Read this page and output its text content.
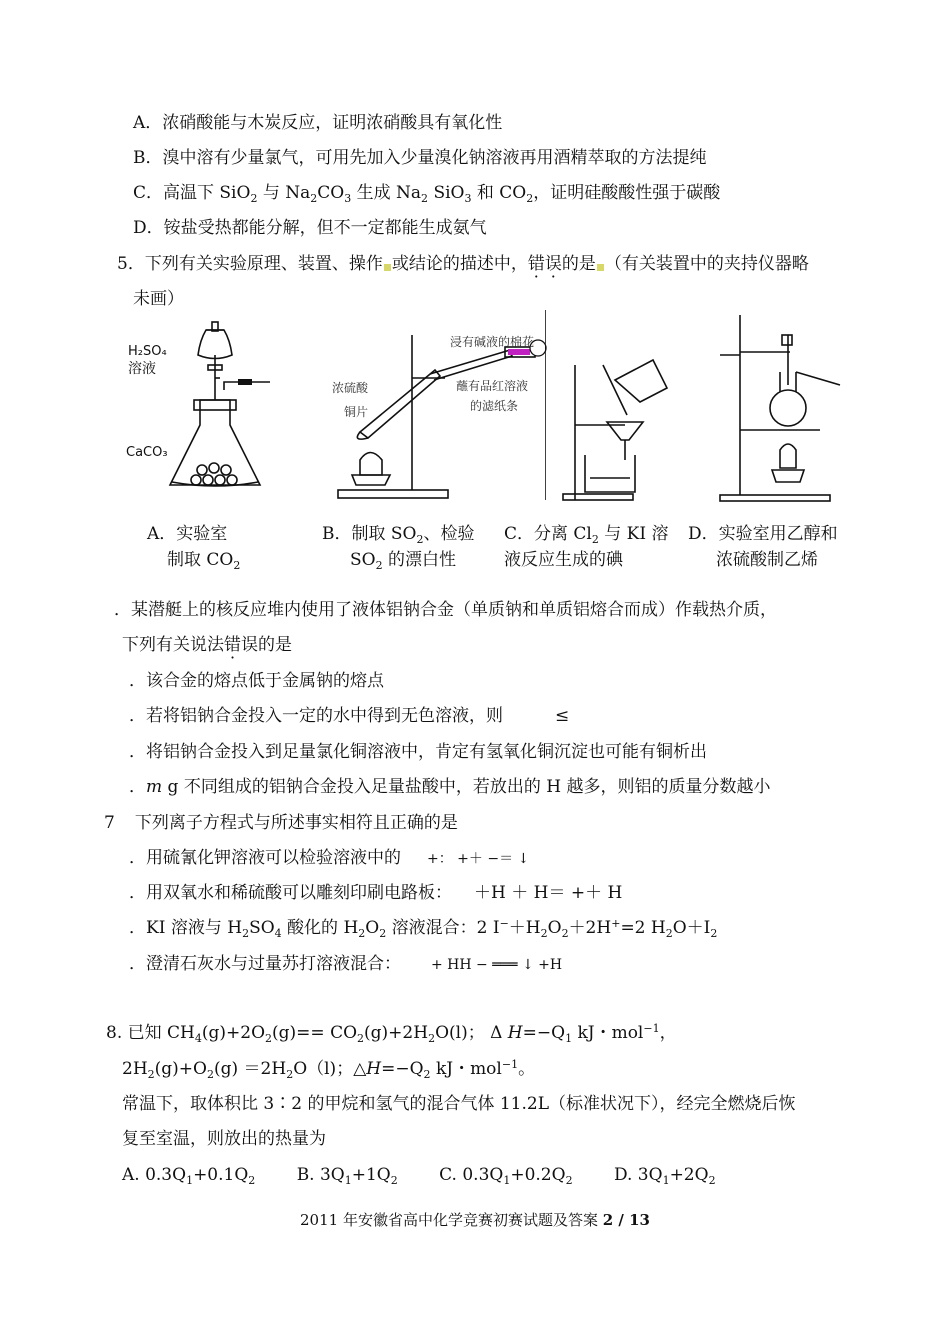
A．浓硝酸能与木炭反应，证明浓硝酸具有氧化性
B．溴中溶有少量氯气，可用先加入少量溴化钠溶液再用酒精萃取的方法提纯
C．高温下 SiO$_2$ 与 $Na_2CO_3$ 生成 $Na_2$ SiO$_3$ 和 $CO_2$，证明硅酸酸性强于碳酸
D．铵盐受热都能分解，但不一定都能生成氨气
5．下列有关实验原理、装置、操作 或结论的描述中，错误的是 （有关装置中的夹持仪器略
未画）
H₂SO₄
溶液
CaCO₃
浸有碱液的棉花
蘸有品红溶液
的滤纸条
浓硫酸
铜片
A．实验室
制取 $CO_2$
B．制取 $SO_2$、检验
$SO_2$ 的漂白性
C．分离 $Cl_2$ 与 KI 溶
液反应生成的碘
D．实验室用乙醇和
浓硫酸制乙烯
．某潜艇上的核反应堆内使用了液体铝钠合金（单质钠和单质铝熔合而成）作载热介质，
下列有关说法错误的是
．该合金的熔点低于金属钠的熔点
．若将铝钠合金投入一定的水中得到无色溶液，则	≤
．将铝钠合金投入到足量氯化铜溶液中，肯定有氢氧化铜沉淀也可能有铜析出
．m g 不同组成的铝钠合金投入足量盐酸中，若放出的 H 越多，则铝的质量分数越小
7 下列离子方程式与所述事实相符且正确的是
．用硫氰化钾溶液可以检验溶液中的 +： +＋ −＝ ↓
．用双氧水和稀硫酸可以雕刻印刷电路板： ＋H ＋ H＝ +＋ H
．KI 溶液与 $H_2SO_4$ 酸化的 $H_2O_2$ 溶液混合：2 $I^-+H_2O_2+2H^+=2$ $H_2O+I_2$
．澄清石灰水与过量苏打溶液混合： + HH − ═══ ↓ +H
8. 已知 $CH_4(g)+2O_2(g)== CO_2(g)+2H_2O(l)$； Δ $H=-Q_1$ kJ・mol$^{-1}$，
$2H_2(g)+O_2(g) =2H_2O(l)$；$\triangle H=-Q_2$ kJ・mol$^{-1}$。
常温下，取体积比 3∶2 的甲烷和氢气的混合气体 11.2L（标准状况下），经完全燃烧后恢
复至室温，则放出的热量为
A. $0.3Q_1+0.1Q_2$ B. $3Q_1+1Q_2$ C. $0.3Q_1+0.2Q_2$ D. $3Q_1+2Q_2$
2011 年安徽省高中化学竞赛初赛试题及答案 2 / 13
